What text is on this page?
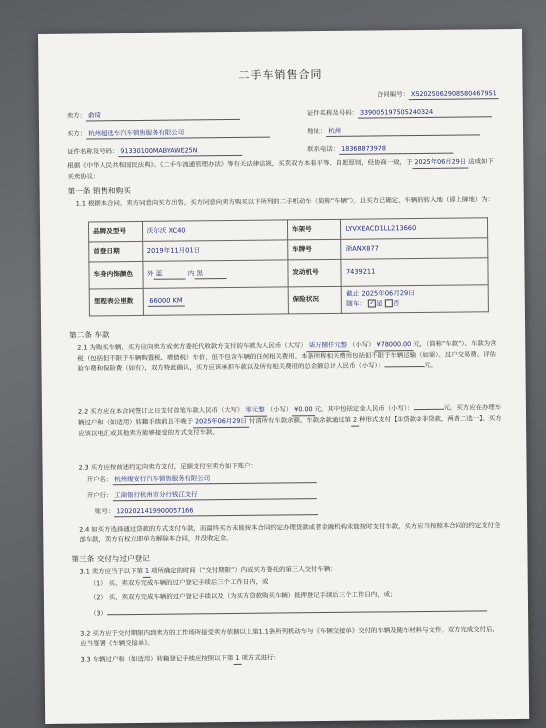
二手车销售合同
合同编号： XS20250629085804679S1
卖方： 俞琦	证件名称及号码： 339005197505240324
买方： 杭州超选车汽车销售服务有限公司	地址： 杭州
证件名称及号码： 91330100MABYAWE25N	联系电话： 18368873978
根据《中华人民共和国民法典》、《二手车流通管理办法》等有关法律法规，买卖双方本着平等、自愿原则，经协商一致，于 2025年06月29日 达成如下买卖协议：
第一条 销售和购买
1.1 根据本合同，卖方同意向买方出售，买方同意向卖方购买以下所列的二手机动车（简称“车辆”）。且买方已确定，车辆的转入地（即上牌地）为：
品牌及型号	沃尔沃 XC40	车架号	LYVXEACD1LL213660
首登日期	2019年11月01日	车牌号	浙ANX877
车身内饰颜色	外 蓝 内 黑	发动机号	7439211
里程表公里数	66000 KM	保险状况	截止 2025年06月29日
随车： ✓是 否
第二条 车款
2.1 为购买车辆，买方应向卖方或卖方委托代收款方支付的车款为人民币（大写） 柒万捌仟元整 （小写） ¥78000.00 元，（简称“车款”）。车款为含税（包括但不限于车辆购置税、增值税）车价，但不包含车辆的任何相关费用。本条所称相关费用包括但不限于车辆运输（如需）、过户交易费、评估验车费和保险费（如有），双方特此确认，买方应该承担车款以及所有相关费用的总金额总计人民币（小写）：	元。
2.2 买方应在本合同签订之日支付首笔车款人民币（大写） 零元整 （小写） ¥0.00 元，其中包括定金人民币（小写）：	元。买方应在办理车辆过户和（如适用）转籍手续前且不晚于 2025年06月29日 付清所有车款余额。车款余款通过第 2 种形式支付【①贷款②非贷款，两者二选一】。买方应该以电汇或其他卖方能够接受的方式支付车款。
2.3 买方应按前述约定向卖方支付，足额支付至卖方如下账户：
开户名： 杭州竣安行汽车销售服务有限公司
开户行： 工商银行杭州市分行钱江支行
账号： 1202021419900057166
2.4 如买方选择通过贷款的方式支付车款，而最终买方未能按本合同约定办理贷款或者金融机构未能按时支付车款，买方应当按照本合同的约定支付全部车款，卖方有权立即单方解除本合同，并没收定金。
第三条 交付与过户登记
3.1 卖方应当于以下第 1 项所确定的时间（“交付期限”）内或买方委托的第三人交付车辆：
（1） 买、卖双方完成车辆的过户登记手续后三个工作日内，或
（2） 买、卖双方完成车辆的过户登记手续以及（为买方贷款购买车辆）抵押登记手续后三个工作日内，或；
（3）
3.2 买方应于交付期限内到卖方的工作场所接受卖方依据以上第1.1条所列机动车与《车辆交接单》交付的车辆及随车材料与文件。双方完成交付后，应当签署《车辆交接单》。
3.3 车辆过户和（如适用）转籍登记手续应按照以下第 1 项方式进行：
